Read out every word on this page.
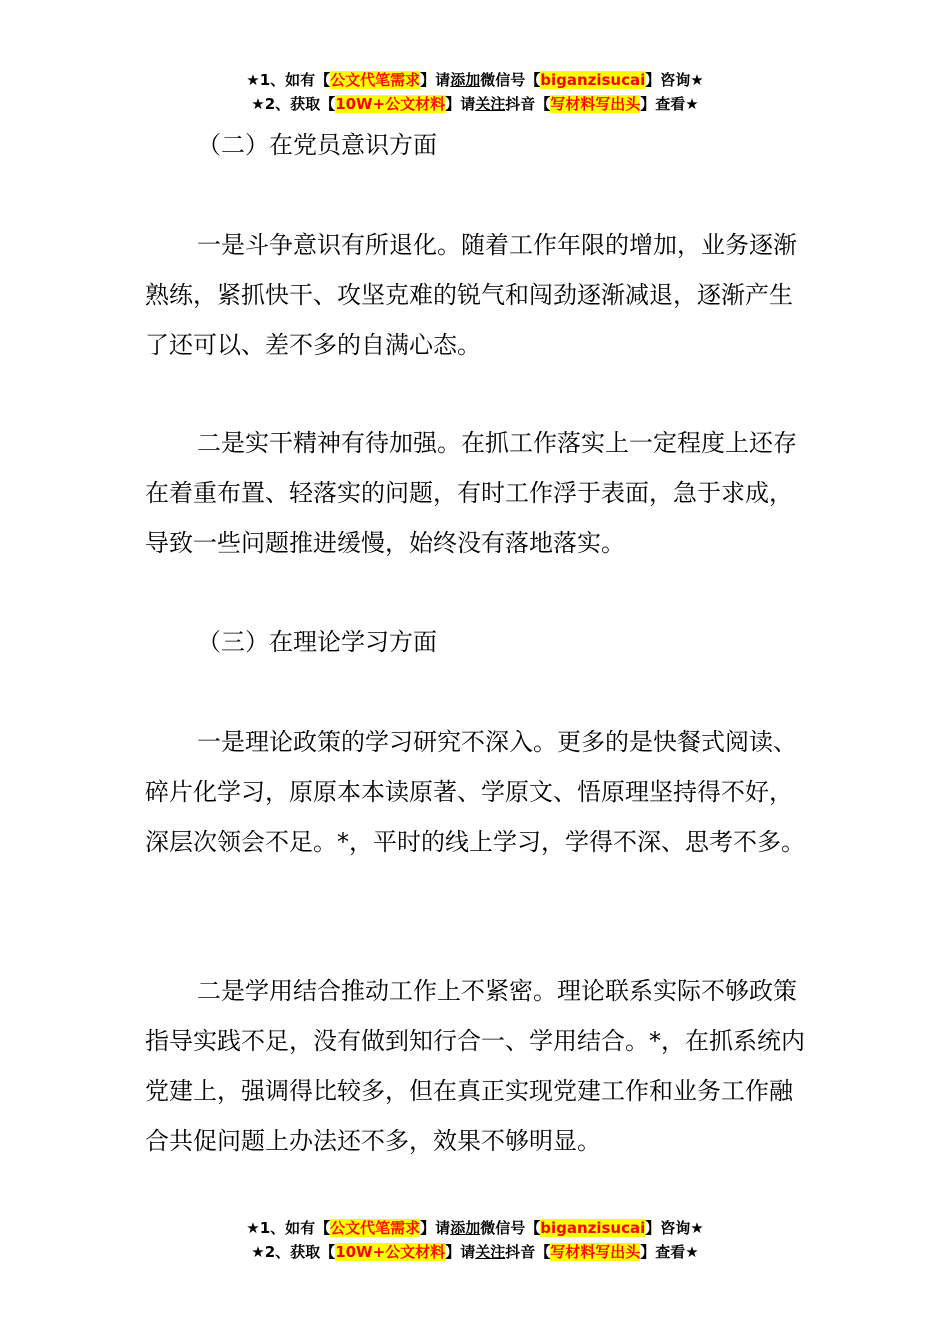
★1、如有【公文代笔需求】请添加微信号【biganzisucai】咨询★
★2、获取【10W+公文材料】请关注抖音【写材料写出头】查看★
（二）在党员意识方面

一是斗争意识有所退化。随着工作年限的增加，业务逐渐熟练，紧抓快干、攻坚克难的锐气和闯劲逐渐减退，逐渐产生了还可以、差不多的自满心态。

二是实干精神有待加强。在抓工作落实上一定程度上还存在着重布置、轻落实的问题，有时工作浮于表面，急于求成，导致一些问题推进缓慢，始终没有落地落实。

（三）在理论学习方面

一是理论政策的学习研究不深入。更多的是快餐式阅读、碎片化学习，原原本本读原著、学原文、悟原理坚持得不好，深层次领会不足。*，平时的线上学习，学得不深、思考不多。

二是学用结合推动工作上不紧密。理论联系实际不够政策指导实践不足，没有做到知行合一、学用结合。*，在抓系统内党建上，强调得比较多，但在真正实现党建工作和业务工作融合共促问题上办法还不多，效果不够明显。

★1、如有【公文代笔需求】请添加微信号【biganzisucai】咨询★
★2、获取【10W+公文材料】请关注抖音【写材料写出头】查看★
